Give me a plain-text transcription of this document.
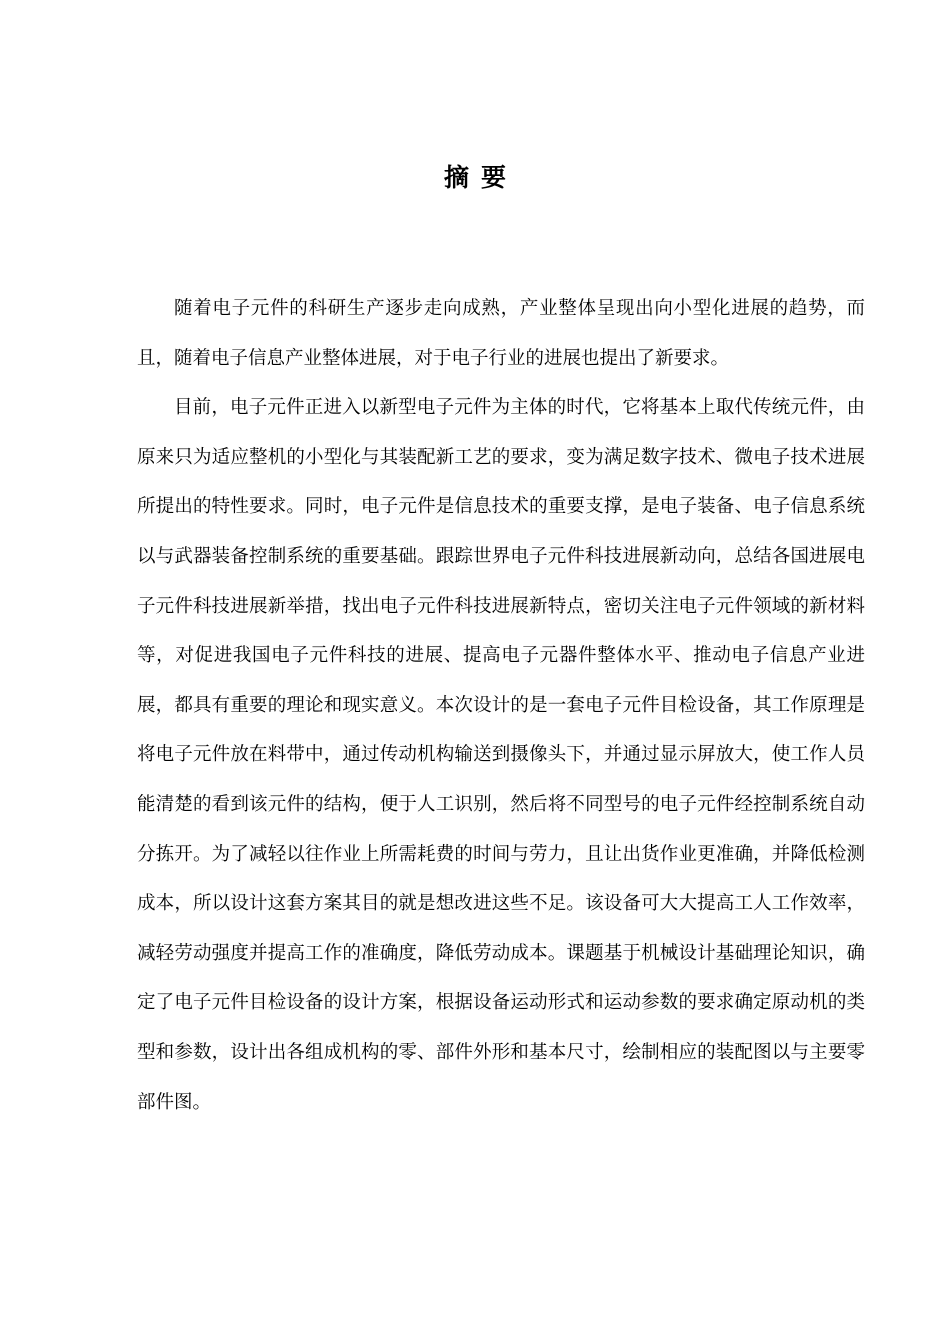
摘要

随着电子元件的科研生产逐步走向成熟，产业整体呈现出向小型化进展的趋势，而且，随着电子信息产业整体进展，对于电子行业的进展也提出了新要求。

目前，电子元件正进入以新型电子元件为主体的时代，它将基本上取代传统元件，由原来只为适应整机的小型化与其装配新工艺的要求，变为满足数字技术、微电子技术进展所提出的特性要求。同时，电子元件是信息技术的重要支撑，是电子装备、电子信息系统以与武器装备控制系统的重要基础。跟踪世界电子元件科技进展新动向，总结各国进展电子元件科技进展新举措，找出电子元件科技进展新特点，密切关注电子元件领域的新材料等，对促进我国电子元件科技的进展、提高电子元器件整体水平、推动电子信息产业进展，都具有重要的理论和现实意义。本次设计的是一套电子元件目检设备，其工作原理是将电子元件放在料带中，通过传动机构输送到摄像头下，并通过显示屏放大，使工作人员能清楚的看到该元件的结构，便于人工识别，然后将不同型号的电子元件经控制系统自动分拣开。为了减轻以往作业上所需耗费的时间与劳力，且让出货作业更准确，并降低检测成本，所以设计这套方案其目的就是想改进这些不足。该设备可大大提高工人工作效率，减轻劳动强度并提高工作的准确度，降低劳动成本。课题基于机械设计基础理论知识，确定了电子元件目检设备的设计方案，根据设备运动形式和运动参数的要求确定原动机的类型和参数，设计出各组成机构的零、部件外形和基本尺寸，绘制相应的装配图以与主要零部件图。
